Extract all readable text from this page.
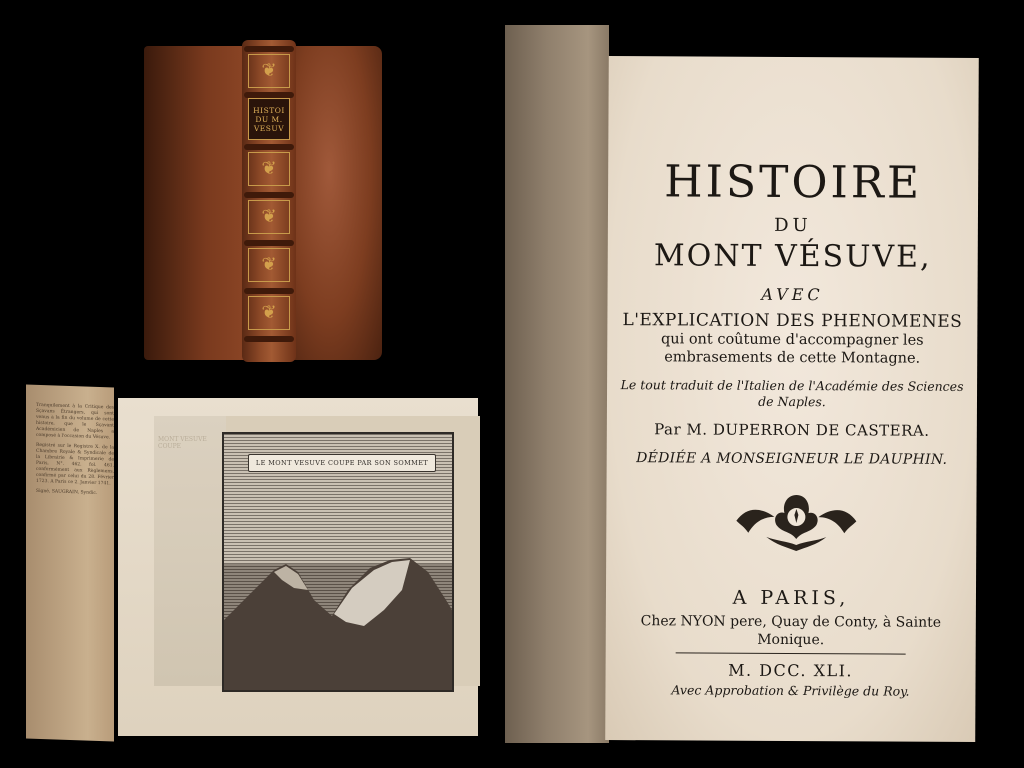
❦
HISTOI
DU M.
VESUV
❦
❦
❦
❦

Tranquilement à la Critique des Sçavans Étrangers, qui sont venus à la fin du volume de cette histoire, que le Sçavant Académicien de Naples a composé à l'occasion du Vésuve.

Registré sur le Registre X. de la Chambre Royale & Syndicale de la Librairie & Imprimerie de Paris, N°. 462. fol. 461. conformément aux Règlemens, confirmé par celui du 28. Février 1723. A Paris ce 2. Janvier 1741.

Signé, SAUGRAIN, Syndic.

MONT VESUVE COUPE
LE MONT VESUVE COUPE PAR SON SOMMET
HISTOIRE
DU
MONT VÉSUVE,
AVEC
L'EXPLICATION DES PHENOMENES
qui ont coûtume d'accompagner les
embrasements de cette Montagne.
Le tout traduit de l'Italien de l'Académie des Sciences
de Naples.
Par M. DUPERRON DE CASTERA.
DÉDIÉE A MONSEIGNEUR LE DAUPHIN.
A PARIS,
Chez NYON pere, Quay de Conty, à Sainte
Monique.
M. DCC. XLI.
Avec Approbation & Privilège du Roy.
